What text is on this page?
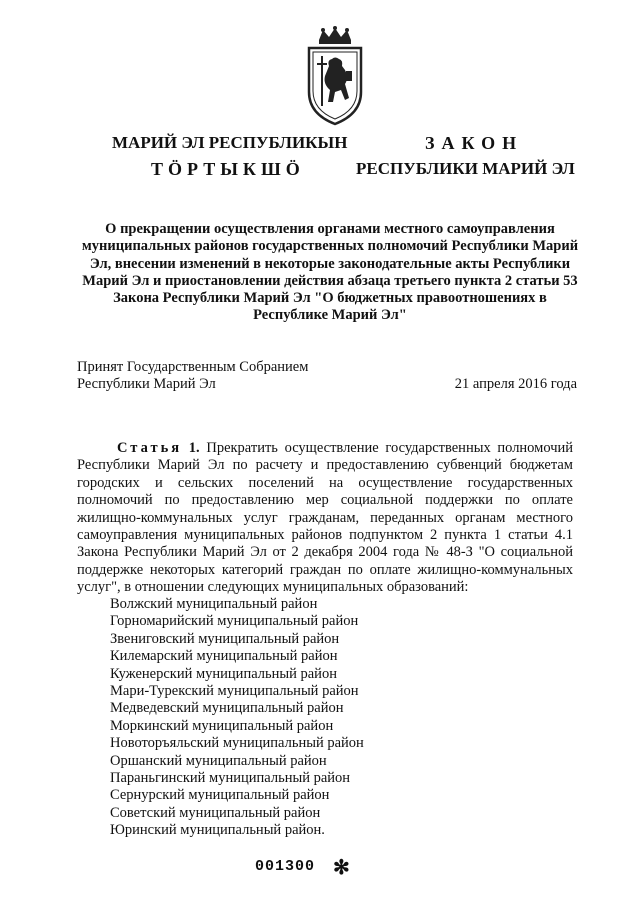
МАРИЙ ЭЛ РЕСПУБЛИКЫН
ТӦРТЫКШӦ
ЗАКОН
РЕСПУБЛИКИ МАРИЙ ЭЛ
О прекращении осуществления органами местного самоуправления муниципальных районов государственных полномочий Республики Марий Эл, внесении изменений в некоторые законодательные акты Республики Марий Эл и приостановлении действия абзаца третьего пункта 2 статьи 53 Закона Республики Марий Эл "О бюджетных правоотношениях в Республике Марий Эл"
Принят Государственным Собранием
Республики Марий Эл	21 апреля 2016 года
Статья 1. Прекратить осуществление государственных полномочий Республики Марий Эл по расчету и предоставлению субвенций бюджетам городских и сельских поселений на осуществление государственных полномочий по предоставлению мер социальной поддержки по оплате жилищно-коммунальных услуг гражданам, переданных органам местного самоуправления муниципальных районов подпунктом 2 пункта 1 статьи 4.1 Закона Республики Марий Эл от 2 декабря 2004 года № 48-З "О социальной поддержке некоторых категорий граждан по оплате жилищно-коммунальных услуг", в отношении следующих муниципальных образований:
Волжский муниципальный район
Горномарийский муниципальный район
Звениговский муниципальный район
Килемарский муниципальный район
Куженерский муниципальный район
Мари-Турекский муниципальный район
Медведевский муниципальный район
Моркинский муниципальный район
Новоторъяльский муниципальный район
Оршанский муниципальный район
Параньгинский муниципальный район
Сернурский муниципальный район
Советский муниципальный район
Юринский муниципальный район.
001300 ✻
